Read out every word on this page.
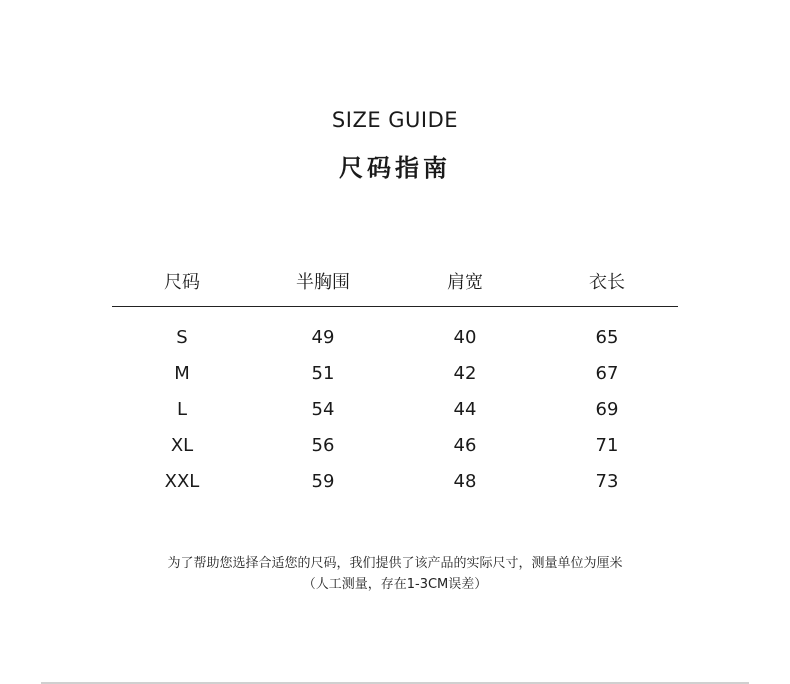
SIZE GUIDE
尺码指南
尺码	半胸围	肩宽	衣长
S	49	40	65
M	51	42	67
L	54	44	69
XL	56	46	71
XXL	59	48	73
为了帮助您选择合适您的尺码，我们提供了该产品的实际尺寸，测量单位为厘米
（人工测量，存在1-3CM误差）
